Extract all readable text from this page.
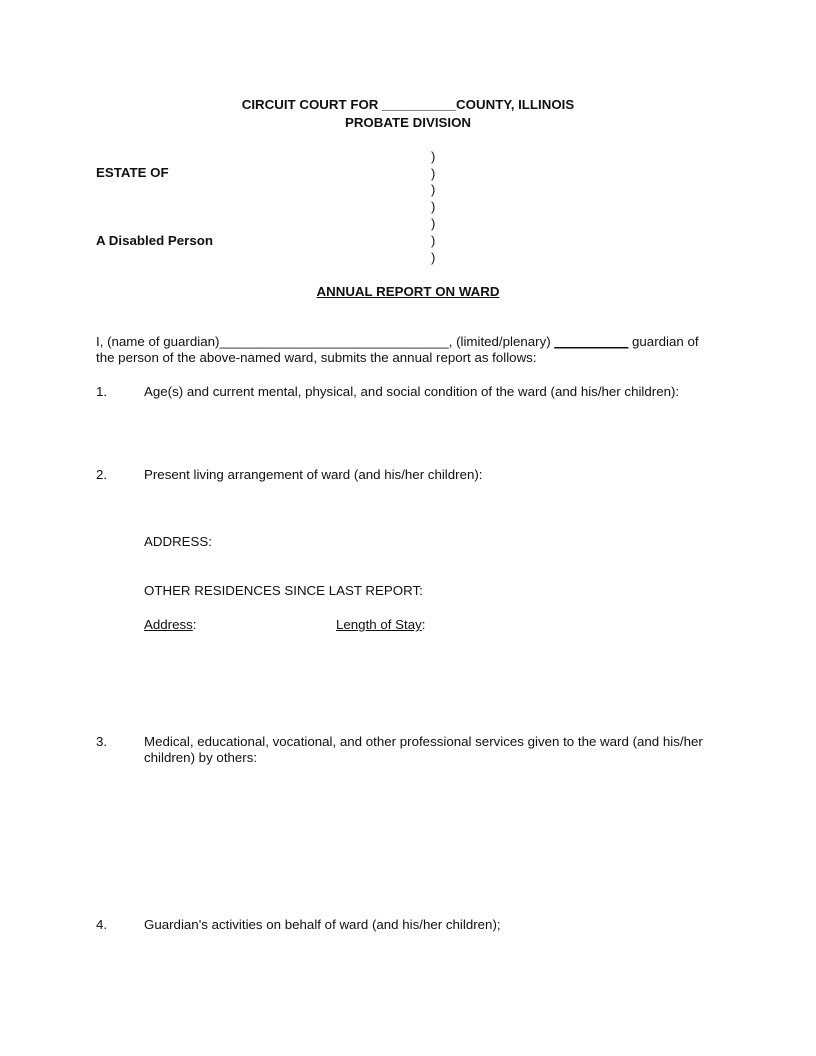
CIRCUIT COURT FOR __________COUNTY, ILLINOIS
PROBATE DIVISION
ESTATE OF
A Disabled Person
)
)
)
)
)
)
)
ANNUAL REPORT ON WARD
I, (name of guardian)_______________________________, (limited/plenary) __________ guardian of
the person of the above-named ward, submits the annual report as follows:
1.	Age(s) and current mental, physical, and social condition of the ward (and his/her children):
2.	Present living arrangement of ward (and his/her children):
ADDRESS:
OTHER RESIDENCES SINCE LAST REPORT:
Address:	Length of Stay:
3.	Medical, educational, vocational, and other professional services given to the ward (and his/her
children) by others:
4.	Guardian's activities on behalf of ward (and his/her children);
